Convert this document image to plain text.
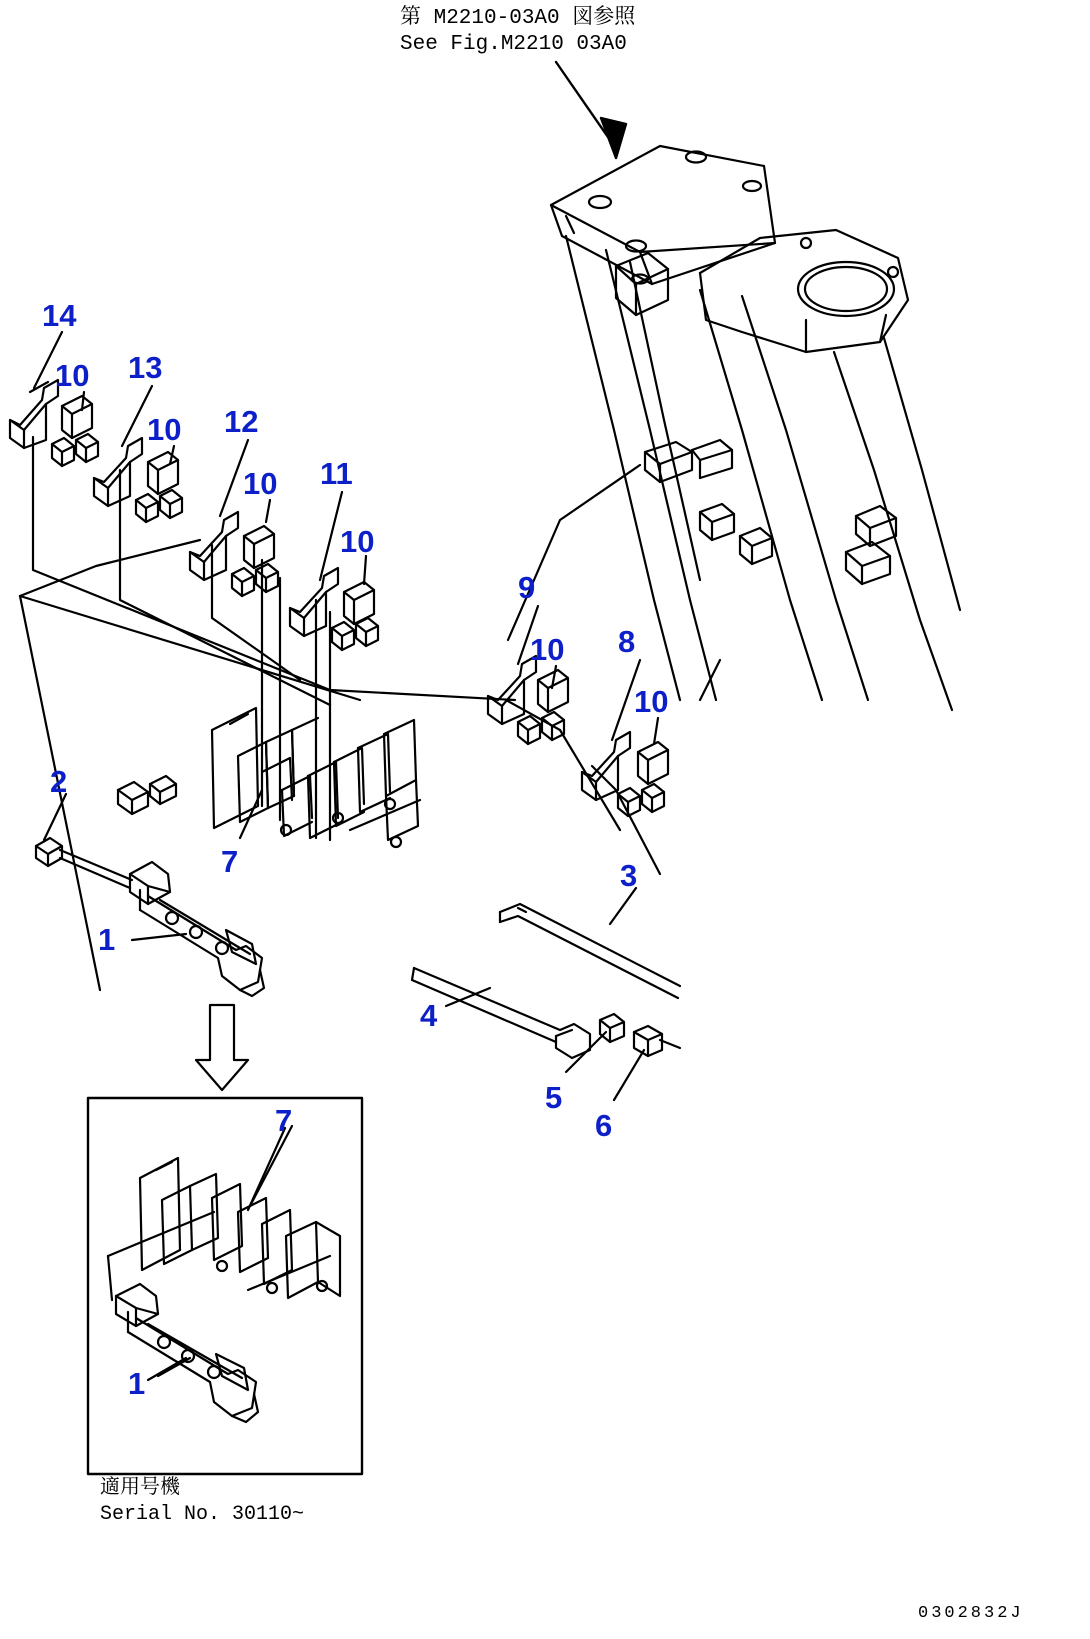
第 M2210-03A0 図参照
See Fig.M2210 03A0
適用号機
Serial No. 30110~
0302832J
14
10 13
10 12
10 11
10
9
10 8
10
2
7	3
1
4
5
6
7
1
